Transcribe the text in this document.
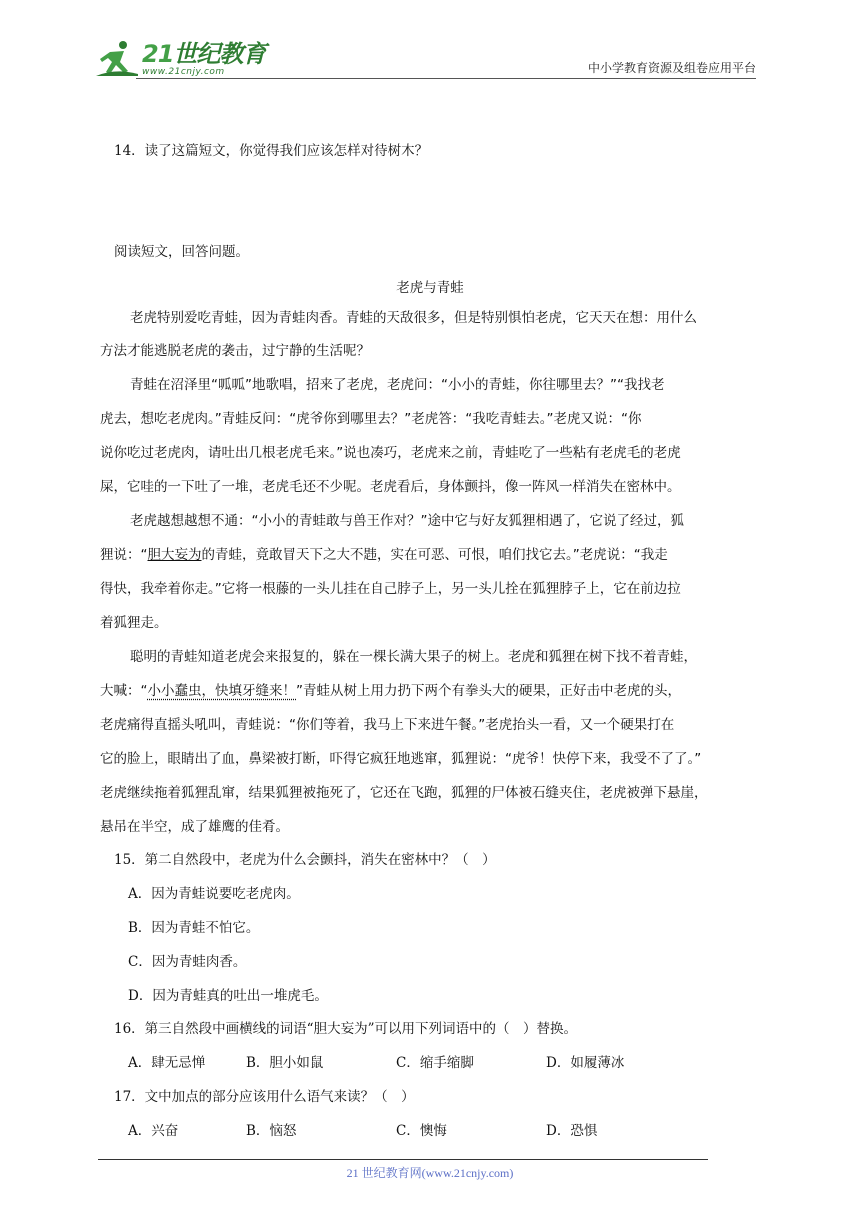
21世纪教育
www.21cnjy.com	中小学教育资源及组卷应用平台
14．读了这篇短文，你觉得我们应该怎样对待树木？
阅读短文，回答问题。
老虎与青蛙
老虎特别爱吃青蛙，因为青蛙肉香。青蛙的天敌很多，但是特别惧怕老虎，它天天在想：用什么
方法才能逃脱老虎的袭击，过宁静的生活呢？
青蛙在沼泽里“呱呱”地歌唱，招来了老虎，老虎问：“小小的青蛙，你往哪里去？”“我找老
虎去，想吃老虎肉。”青蛙反问：“虎爷你到哪里去？”老虎答：“我吃青蛙去。”老虎又说：“你
说你吃过老虎肉，请吐出几根老虎毛来。”说也凑巧，老虎来之前，青蛙吃了一些粘有老虎毛的老虎
屎，它哇的一下吐了一堆，老虎毛还不少呢。老虎看后，身体颤抖，像一阵风一样消失在密林中。
老虎越想越想不通：“小小的青蛙敢与兽王作对？”途中它与好友狐狸相遇了，它说了经过，狐
狸说：“胆大妄为的青蛙，竟敢冒天下之大不韪，实在可恶、可恨，咱们找它去。”老虎说：“我走
得快，我牵着你走。”它将一根藤的一头儿挂在自己脖子上，另一头儿拴在狐狸脖子上，它在前边拉
着狐狸走。
聪明的青蛙知道老虎会来报复的，躲在一棵长满大果子的树上。老虎和狐狸在树下找不着青蛙，
大喊：“小小蠢虫，快填牙缝来！”青蛙从树上用力扔下两个有拳头大的硬果，正好击中老虎的头，
老虎痛得直摇头吼叫，青蛙说：“你们等着，我马上下来进午餐。”老虎抬头一看，又一个硬果打在
它的脸上，眼睛出了血，鼻梁被打断，吓得它疯狂地逃窜，狐狸说：“虎爷！快停下来，我受不了了。”
老虎继续拖着狐狸乱窜，结果狐狸被拖死了，它还在飞跑，狐狸的尸体被石缝夹住，老虎被弹下悬崖，
悬吊在半空，成了雄鹰的佳肴。
15．第二自然段中，老虎为什么会颤抖，消失在密林中？（　）
A．因为青蛙说要吃老虎肉。
B．因为青蛙不怕它。
C．因为青蛙肉香。
D．因为青蛙真的吐出一堆虎毛。
16．第三自然段中画横线的词语“胆大妄为”可以用下列词语中的（　）替换。
A．肆无忌惮	B．胆小如鼠	C．缩手缩脚	D．如履薄冰
17．文中加点的部分应该用什么语气来读？（　）
A．兴奋	B．恼怒	C．懊悔	D．恐惧
21 世纪教育网(www.21cnjy.com)
